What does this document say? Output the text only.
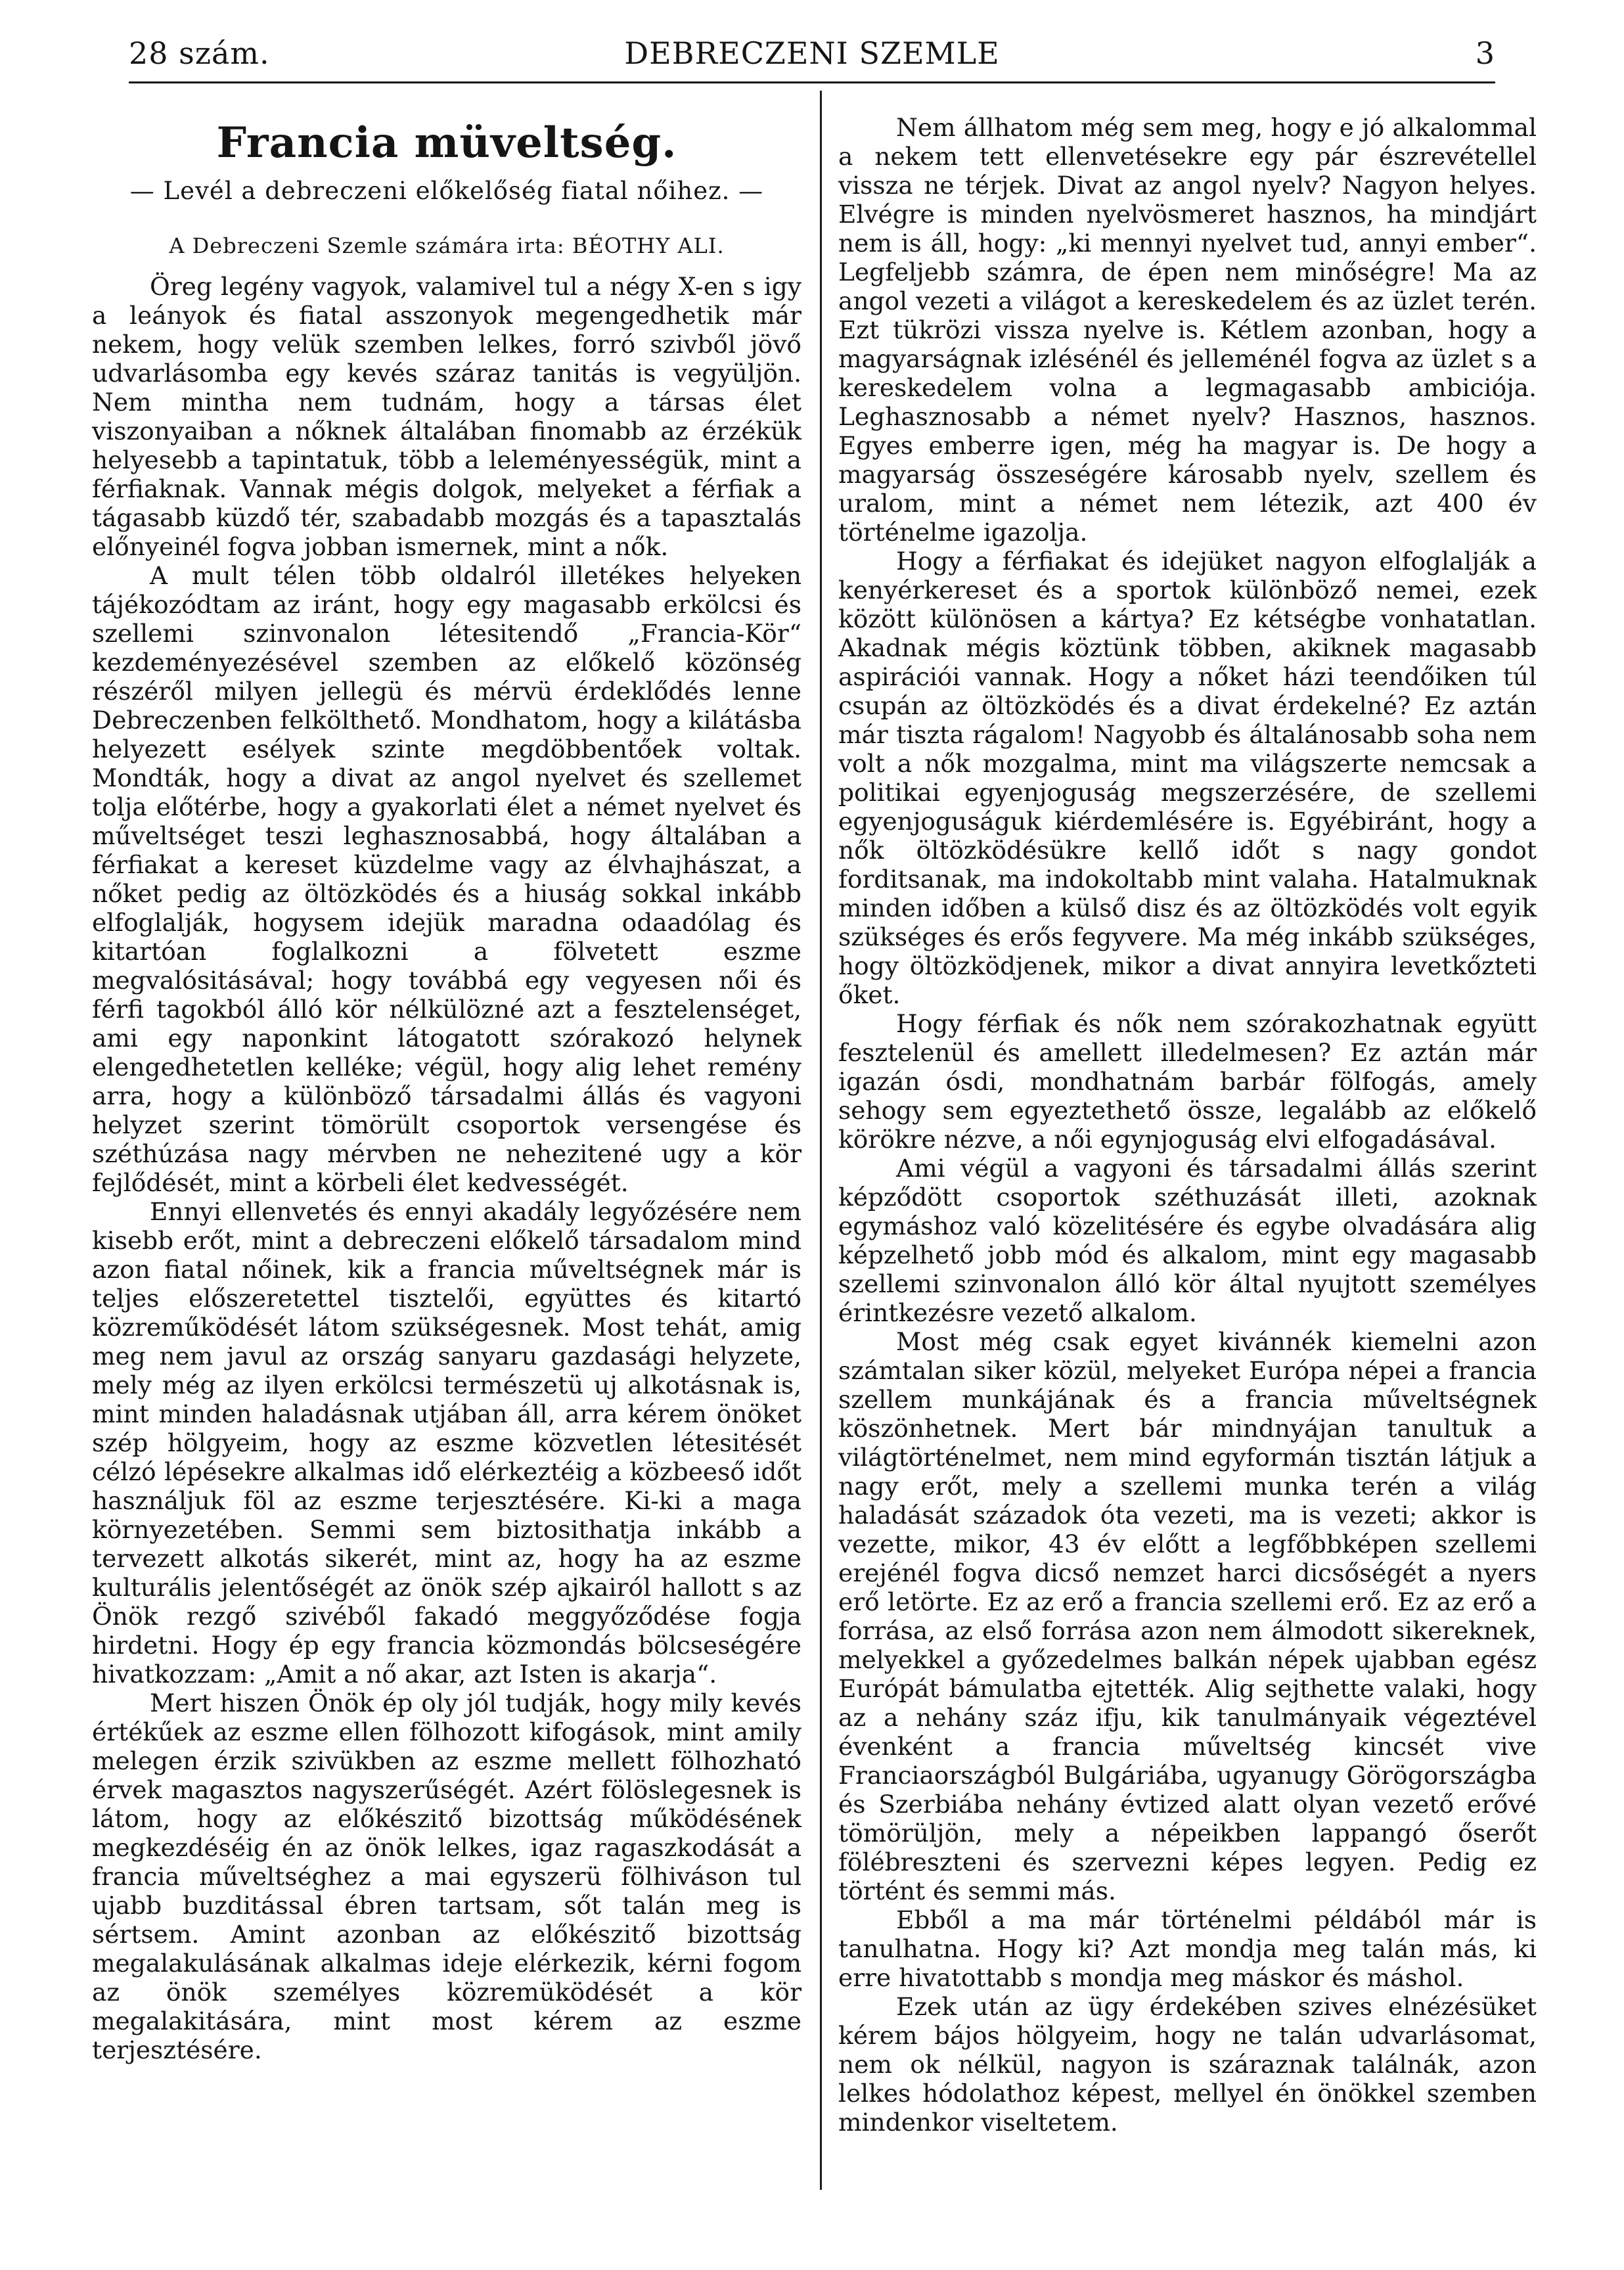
28 szám.	DEBRECZENI SZEMLE	3
Francia müveltség.
— Levél a debreczeni előkelőség fiatal nőihez. —
A Debreczeni Szemle számára irta: BÉOTHY ALI.

Öreg legény vagyok, valamivel tul a négy X-en s igy a leányok és fiatal asszonyok megengedhetik már nekem, hogy velük szemben lelkes, forró szivből jövő udvarlásomba egy kevés száraz tanitás is vegyüljön. Nem mintha nem tudnám, hogy a társas élet viszonyaiban a nőknek általában finomabb az érzékük helyesebb a tapintatuk, több a leleményességük, mint a férfiaknak. Vannak mégis dolgok, melyeket a férfiak a tágasabb küzdő tér, szabadabb mozgás és a tapasztalás előnyeinél fogva jobban ismernek, mint a nők.

A mult télen több oldalról illetékes helyeken tájékozódtam az iránt, hogy egy magasabb erkölcsi és szellemi szinvonalon létesitendő „Francia-Kör“ kezdeményezésével szemben az előkelő közönség részéről milyen jellegü és mérvü érdeklődés lenne Debreczenben felkölthető. Mondhatom, hogy a kilátásba helyezett esélyek szinte megdöbbentőek voltak. Mondták, hogy a divat az angol nyelvet és szellemet tolja előtérbe, hogy a gyakorlati élet a német nyelvet és műveltséget teszi leghasznosabbá, hogy általában a férfiakat a kereset küzdelme vagy az élvhajhászat, a nőket pedig az öltözködés és a hiuság sokkal inkább elfoglalják, hogysem idejük maradna odaadólag és kitartóan foglalkozni a fölvetett eszme megvalósitásával; hogy továbbá egy vegyesen női és férfi tagokból álló kör nélkülözné azt a fesztelenséget, ami egy naponkint látogatott szórakozó helynek elengedhetetlen kelléke; végül, hogy alig lehet remény arra, hogy a különböző társadalmi állás és vagyoni helyzet szerint tömörült csoportok versengése és széthúzása nagy mérvben ne nehezitené ugy a kör fejlődését, mint a körbeli élet kedvességét.

Ennyi ellenvetés és ennyi akadály legyőzésére nem kisebb erőt, mint a debreczeni előkelő társadalom mind azon fiatal nőinek, kik a francia műveltségnek már is teljes előszeretettel tisztelői, együttes és kitartó közreműködését látom szükségesnek. Most tehát, amig meg nem javul az ország sanyaru gazdasági helyzete, mely még az ilyen erkölcsi természetü uj alkotásnak is, mint minden haladásnak utjában áll, arra kérem önöket szép hölgyeim, hogy az eszme közvetlen létesitését célzó lépésekre alkalmas idő elérkeztéig a közbeeső időt használjuk föl az eszme terjesztésére. Ki-ki a maga környezetében. Semmi sem biztosithatja inkább a tervezett alkotás sikerét, mint az, hogy ha az eszme kulturális jelentőségét az önök szép ajkairól hallott s az Önök rezgő szivéből fakadó meggyőződése fogja hirdetni. Hogy ép egy francia közmondás bölcseségére hivatkozzam: „Amit a nő akar, azt Isten is akarja“.

Mert hiszen Önök ép oly jól tudják, hogy mily kevés értékűek az eszme ellen fölhozott kifogások, mint amily melegen érzik szivükben az eszme mellett fölhozható érvek magasztos nagyszerűségét. Azért fölöslegesnek is látom, hogy az előkészitő bizottság működésének megkezdéséig én az önök lelkes, igaz ragaszkodását a francia műveltséghez a mai egyszerü fölhiváson tul ujabb buzditással ébren tartsam, sőt talán meg is sértsem. Amint azonban az előkészitő bizottság megalakulásának alkalmas ideje elérkezik, kérni fogom az önök személyes közremüködését a kör megalakitására, mint most kérem az eszme terjesztésére.

Nem állhatom még sem meg, hogy e jó alkalommal a nekem tett ellenvetésekre egy pár észrevétellel vissza ne térjek. Divat az angol nyelv? Nagyon helyes. Elvégre is minden nyelvösmeret hasznos, ha mindjárt nem is áll, hogy: „ki mennyi nyelvet tud, annyi ember“. Legfeljebb számra, de épen nem minőségre! Ma az angol vezeti a világot a kereskedelem és az üzlet terén. Ezt tükrözi vissza nyelve is. Kétlem azonban, hogy a magyarságnak izlésénél és jelleménél fogva az üzlet s a kereskedelem volna a legmagasabb ambiciója. Leghasznosabb a német nyelv? Hasznos, hasznos. Egyes emberre igen, még ha magyar is. De hogy a magyarság összeségére károsabb nyelv, szellem és uralom, mint a német nem létezik, azt 400 év történelme igazolja.

Hogy a férfiakat és idejüket nagyon elfoglalják a kenyérkereset és a sportok különböző nemei, ezek között különösen a kártya? Ez kétségbe vonhatatlan. Akadnak mégis köztünk többen, akiknek magasabb aspirációi vannak. Hogy a nőket házi teendőiken túl csupán az öltözködés és a divat érdekelné? Ez aztán már tiszta rágalom! Nagyobb és általánosabb soha nem volt a nők mozgalma, mint ma világszerte nemcsak a politikai egyenjoguság megszerzésére, de szellemi egyenjoguságuk kiérdemlésére is. Egyébiránt, hogy a nők öltözködésükre kellő időt s nagy gondot forditsanak, ma indokoltabb mint valaha. Hatalmuknak minden időben a külső disz és az öltözködés volt egyik szükséges és erős fegyvere. Ma még inkább szükséges, hogy öltözködjenek, mikor a divat annyira levetkőzteti őket.

Hogy férfiak és nők nem szórakozhatnak együtt fesztelenül és amellett illedelmesen? Ez aztán már igazán ósdi, mondhatnám barbár fölfogás, amely sehogy sem egyeztethető össze, legalább az előkelő körökre nézve, a női egynjoguság elvi elfogadásával.

Ami végül a vagyoni és társadalmi állás szerint képződött csoportok széthuzását illeti, azoknak egymáshoz való közelitésére és egybe olvadására alig képzelhető jobb mód és alkalom, mint egy magasabb szellemi szinvonalon álló kör által nyujtott személyes érintkezésre vezető alkalom.

Most még csak egyet kivánnék kiemelni azon számtalan siker közül, melyeket Európa népei a francia szellem munkájának és a francia műveltségnek köszönhetnek. Mert bár mindnyájan tanultuk a világtörténelmet, nem mind egyformán tisztán látjuk a nagy erőt, mely a szellemi munka terén a világ haladását századok óta vezeti, ma is vezeti; akkor is vezette, mikor, 43 év előtt a legfőbbképen szellemi erejénél fogva dicső nemzet harci dicsőségét a nyers erő letörte. Ez az erő a francia szellemi erő. Ez az erő a forrása, az első forrása azon nem álmodott sikereknek, melyekkel a győzedelmes balkán népek ujabban egész Európát bámulatba ejtették. Alig sejthette valaki, hogy az a nehány száz ifju, kik tanulmányaik végeztével évenként a francia műveltség kincsét vive Franciaországból Bulgáriába, ugyanugy Görögországba és Szerbiába nehány évtized alatt olyan vezető erővé tömörüljön, mely a népeikben lappangó őserőt fölébreszteni és szervezni képes legyen. Pedig ez történt és semmi más.

Ebből a ma már történelmi példából már is tanulhatna. Hogy ki? Azt mondja meg talán más, ki erre hivatottabb s mondja meg máskor és máshol.

Ezek után az ügy érdekében szives elnézésüket kérem bájos hölgyeim, hogy ne talán udvarlásomat, nem ok nélkül, nagyon is száraznak találnák, azon lelkes hódolathoz képest, mellyel én önökkel szemben mindenkor viseltetem.
